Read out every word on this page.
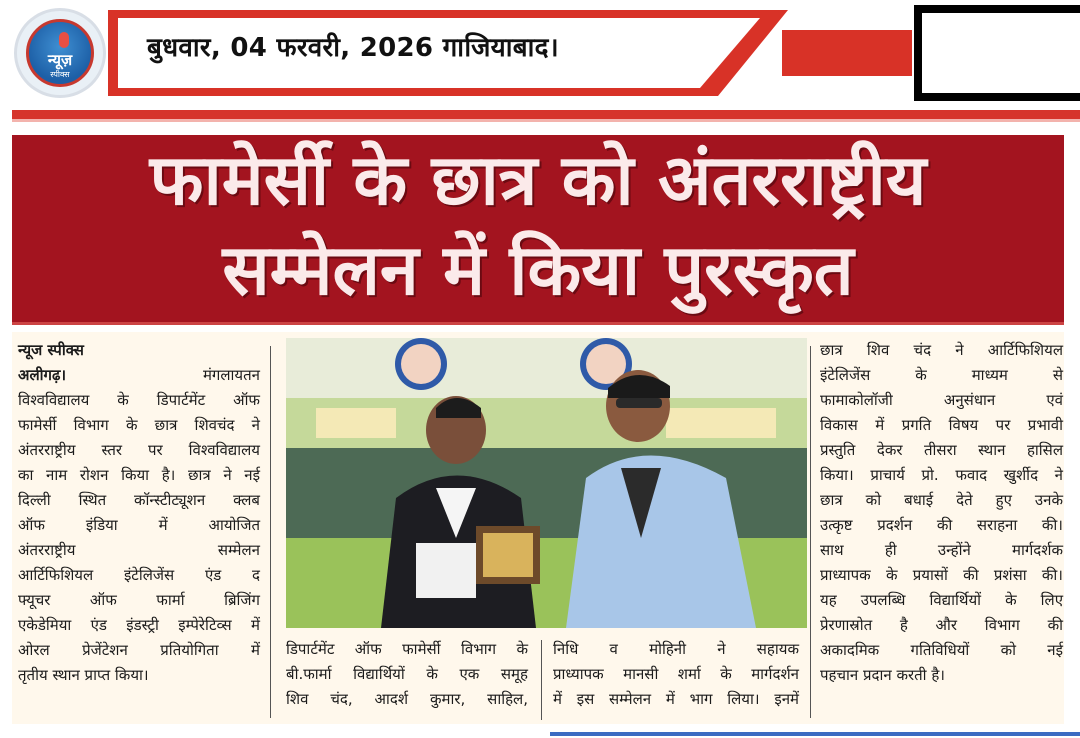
न्यूज़
स्पीक्स
बुधवार, 04 फरवरी, 2026 गाजियाबाद।
फामेर्सी के छात्र को अंतरराष्ट्रीय
सम्मेलन में किया पुरस्कृत

न्यूज स्पीक्स

अलीगढ़।	मंगलायतन

विश्वविद्यालय के डिपार्टमेंट ऑफ

फामेर्सी विभाग के छात्र शिवचंद ने

अंतरराष्ट्रीय स्तर पर विश्वविद्यालय

का नाम रोशन किया है। छात्र ने नई

दिल्ली स्थित कॉन्स्टीट्यूशन क्लब

ऑफ इंडिया में आयोजित

अंतरराष्ट्रीय सम्मेलन

आर्टिफिशियल इंटेलिजेंस एंड द

फ्यूचर ऑफ फार्मा ब्रिजिंग

एकेडेमिया एंड इंडस्ट्री इम्पेरेटिव्स में

ओरल प्रेजेंटेशन प्रतियोगिता में

तृतीय स्थान प्राप्त किया।

डिपार्टमेंट ऑफ फामेर्सी विभाग के

बी.फार्मा विद्यार्थियों के एक समूह

शिव चंद, आदर्श कुमार, साहिल,

निधि व मोहिनी ने सहायक

प्राध्यापक मानसी शर्मा के मार्गदर्शन

में इस सम्मेलन में भाग लिया। इनमें

छात्र शिव चंद ने आर्टिफिशियल

इंटेलिजेंस के माध्यम से

फामाकोलॉजी अनुसंधान एवं

विकास में प्रगति विषय पर प्रभावी

प्रस्तुति देकर तीसरा स्थान हासिल

किया। प्राचार्य प्रो. फवाद खुर्शीद ने

छात्र को बधाई देते हुए उनके

उत्कृष्ट प्रदर्शन की सराहना की।

साथ ही उन्होंने मार्गदर्शक

प्राध्यापक के प्रयासों की प्रशंसा की।

यह उपलब्धि विद्यार्थियों के लिए

प्रेरणास्रोत है और विभाग की

अकादमिक गतिविधियों को नई

पहचान प्रदान करती है।
